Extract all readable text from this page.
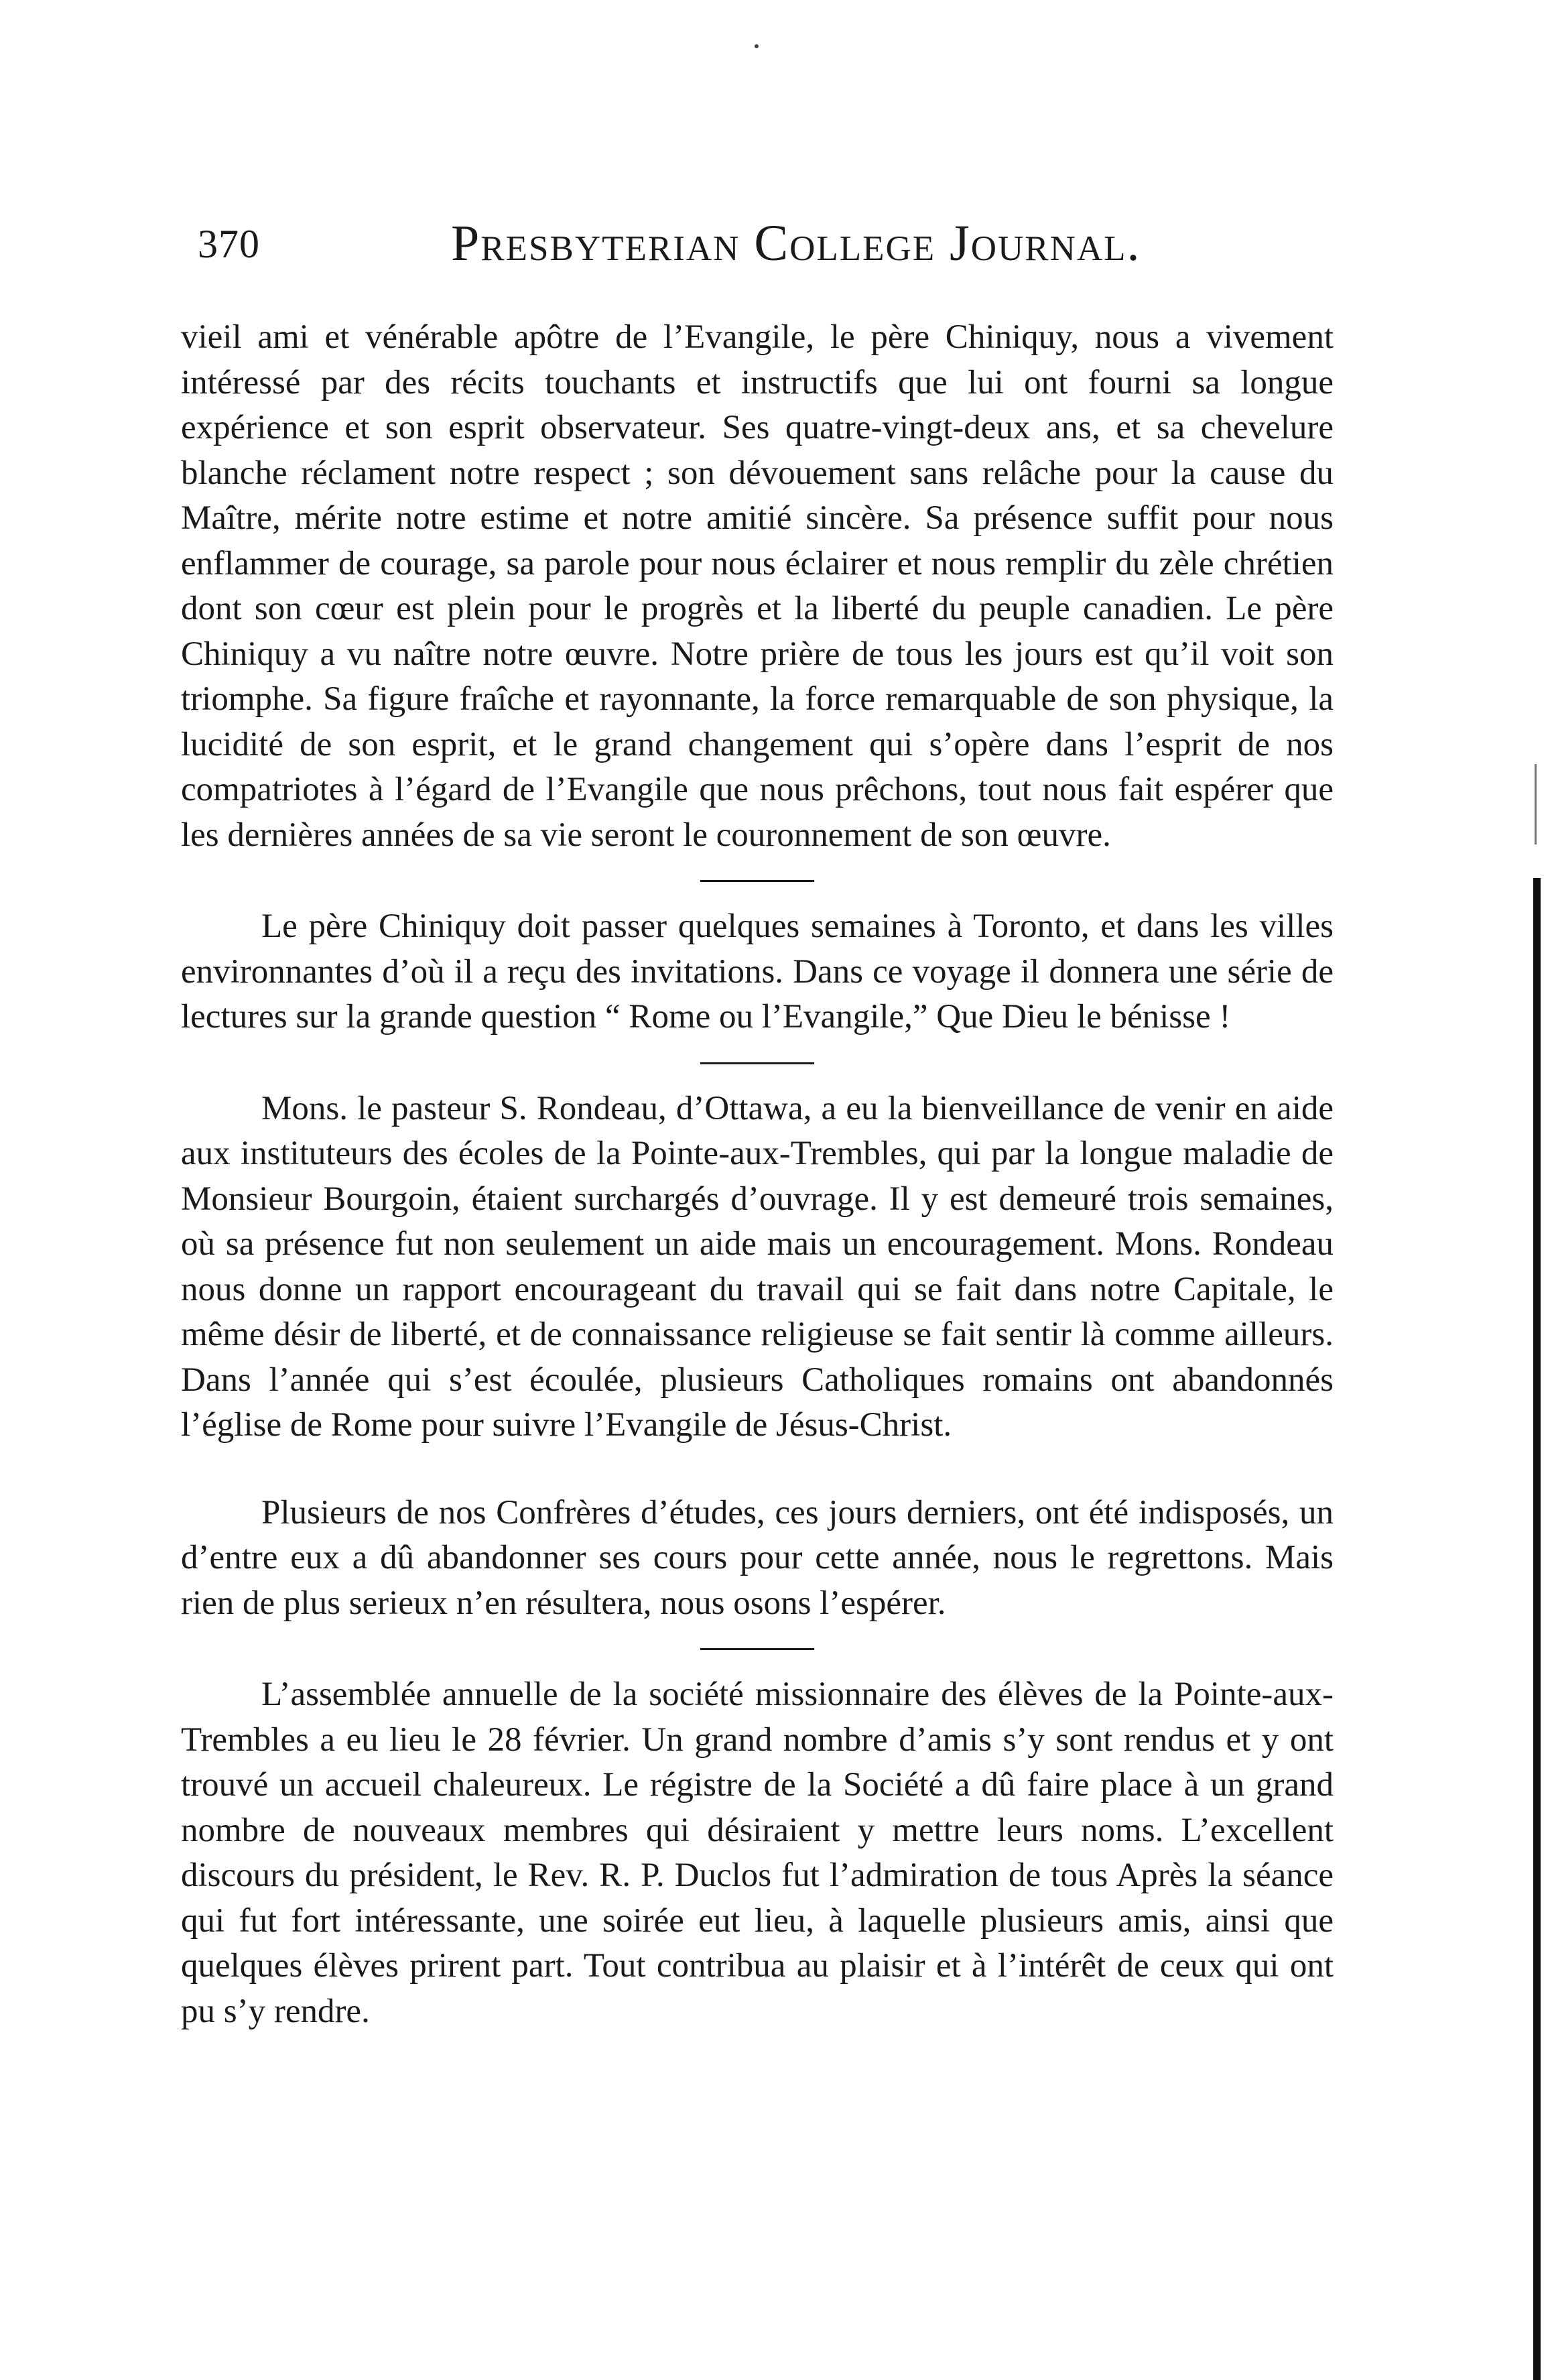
370	Presbyterian College Journal.

vieil ami et vénérable apôtre de l’Evangile, le père Chiniquy, nous a vivement intéressé par des récits touchants et instructifs que lui ont fourni sa longue expérience et son esprit observateur. Ses quatre-vingt-deux ans, et sa chevelure blanche réclament notre respect ; son dévouement sans relâche pour la cause du Maître, mérite notre estime et notre amitié sincère. Sa présence suffit pour nous enflammer de courage, sa parole pour nous éclairer et nous remplir du zèle chrétien dont son cœur est plein pour le progrès et la liberté du peuple canadien. Le père Chiniquy a vu naître notre œuvre. Notre prière de tous les jours est qu’il voit son triomphe. Sa figure fraîche et rayonnante, la force remarquable de son physique, la lucidité de son esprit, et le grand changement qui s’opère dans l’esprit de nos compatriotes à l’égard de l’Evangile que nous prêchons, tout nous fait espérer que les dernières années de sa vie seront le couronnement de son œuvre.

Le père Chiniquy doit passer quelques semaines à Toronto, et dans les villes environnantes d’où il a reçu des invitations. Dans ce voyage il donnera une série de lectures sur la grande question “ Rome ou l’Evangile,” Que Dieu le bénisse !

Mons. le pasteur S. Rondeau, d’Ottawa, a eu la bienveillance de venir en aide aux instituteurs des écoles de la Pointe-aux-Trembles, qui par la longue maladie de Monsieur Bourgoin, étaient surchargés d’ouvrage. Il y est demeuré trois semaines, où sa présence fut non seulement un aide mais un encouragement. Mons. Rondeau nous donne un rapport encourageant du travail qui se fait dans notre Capitale, le même désir de liberté, et de connaissance religieuse se fait sentir là comme ailleurs. Dans l’année qui s’est écoulée, plusieurs Catholiques romains ont abandonnés l’église de Rome pour suivre l’Evangile de Jésus-Christ.

Plusieurs de nos Confrères d’études, ces jours derniers, ont été indisposés, un d’entre eux a dû abandonner ses cours pour cette année, nous le regrettons. Mais rien de plus serieux n’en résultera, nous osons l’espérer.

L’assemblée annuelle de la société missionnaire des élèves de la Pointe-aux-Trembles a eu lieu le 28 février. Un grand nombre d’amis s’y sont rendus et y ont trouvé un accueil chaleureux. Le régistre de la Société a dû faire place à un grand nombre de nouveaux membres qui désiraient y mettre leurs noms. L’excellent discours du président, le Rev. R. P. Duclos fut l’admiration de tous Après la séance qui fut fort intéressante, une soirée eut lieu, à laquelle plusieurs amis, ainsi que quelques élèves prirent part. Tout contribua au plaisir et à l’intérêt de ceux qui ont pu s’y rendre.
